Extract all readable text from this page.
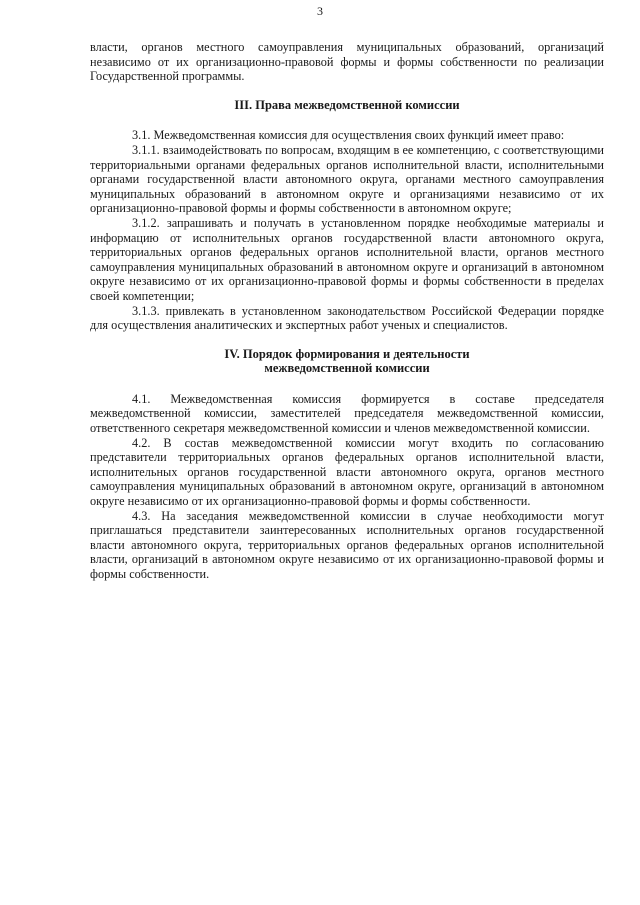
3

власти, органов местного самоуправления муниципальных образований, организаций независимо от их организационно-правовой формы и формы собственности по реализации Государственной программы.

III. Права межведомственной комиссии

3.1. Межведомственная комиссия для осуществления своих функций имеет право:

3.1.1. взаимодействовать по вопросам, входящим в ее компетенцию, с соответствующими территориальными органами федеральных органов исполнительной власти, исполнительными органами государственной власти автономного округа, органами местного самоуправления муниципальных образований в автономном округе и организациями независимо от их организационно-правовой формы и формы собственности в автономном округе;

3.1.2. запрашивать и получать в установленном порядке необходимые материалы и информацию от исполнительных органов государственной власти автономного округа, территориальных органов федеральных органов исполнительной власти, органов местного самоуправления муниципальных образований в автономном округе и организаций в автономном округе независимо от их организационно-правовой формы и формы собственности в пределах своей компетенции;

3.1.3. привлекать в установленном законодательством Российской Федерации порядке для осуществления аналитических и экспертных работ ученых и специалистов.

IV. Порядок формирования и деятельности
межведомственной комиссии

4.1. Межведомственная комиссия формируется в составе председателя межведомственной комиссии, заместителей председателя межведомственной комиссии, ответственного секретаря межведомственной комиссии и членов межведомственной комиссии.

4.2. В состав межведомственной комиссии могут входить по согласованию представители территориальных органов федеральных органов исполнительной власти, исполнительных органов государственной власти автономного округа, органов местного самоуправления муниципальных образований в автономном округе, организаций в автономном округе независимо от их организационно-правовой формы и формы собственности.

4.3. На заседания межведомственной комиссии в случае необходимости могут приглашаться представители заинтересованных исполнительных органов государственной власти автономного округа, территориальных органов федеральных органов исполнительной власти, организаций в автономном округе независимо от их организационно-правовой формы и формы собственности.
